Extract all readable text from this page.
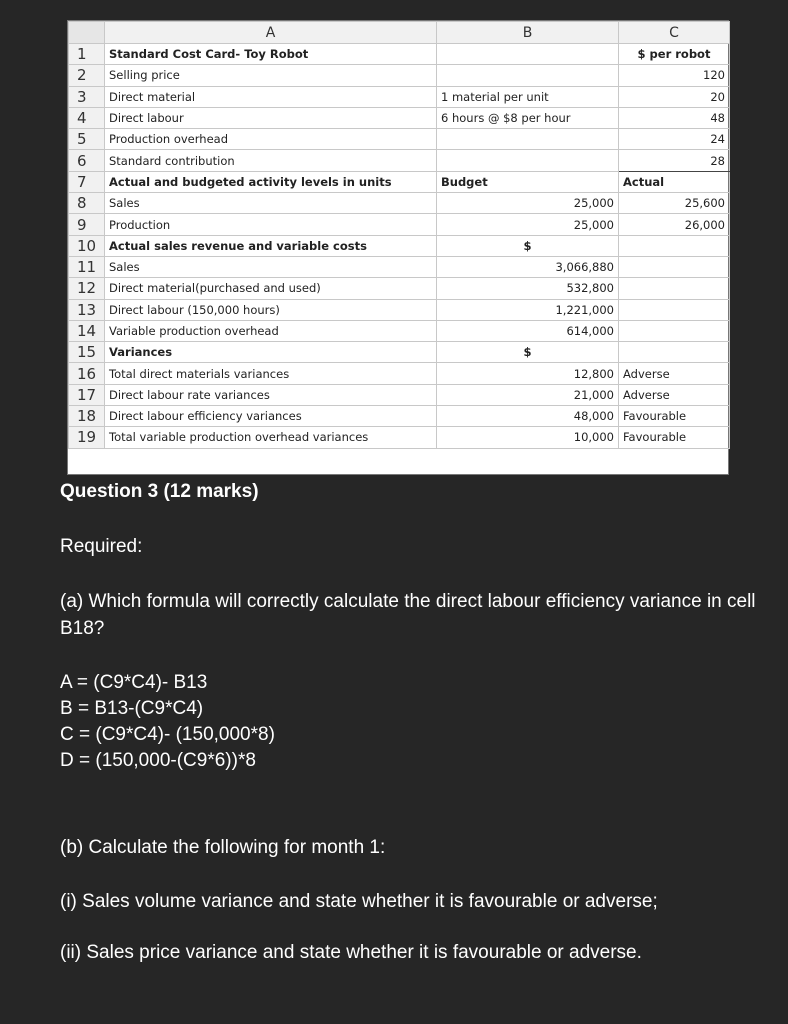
	A	B	C
1	Standard Cost Card- Toy Robot		$ per robot
2	Selling price		120
3	Direct material	1 material per unit	20
4	Direct labour	6 hours @ $8 per hour	48
5	Production overhead		24
6	Standard contribution		28
7	Actual and budgeted activity levels in units	Budget	Actual
8	Sales	25,000	25,600
9	Production	25,000	26,000
10	Actual sales revenue and variable costs	$	
11	Sales	3,066,880	
12	Direct material(purchased and used)	532,800	
13	Direct labour (150,000 hours)	1,221,000	
14	Variable production overhead	614,000	
15	Variances	$	
16	Total direct materials variances	12,800	Adverse
17	Direct labour rate variances	21,000	Adverse
18	Direct labour efficiency variances	48,000	Favourable
19	Total variable production overhead variances	10,000	Favourable
Question 3 (12 marks)

Required:

(a) Which formula will correctly calculate the direct labour efficiency variance in cell B18?

A = (C9*C4)- B13
B = B13-(C9*C4)
C = (C9*C4)- (150,000*8)
D = (150,000-(C9*6))*8

(b) Calculate the following for month 1:

(i) Sales volume variance and state whether it is favourable or adverse;

(ii) Sales price variance and state whether it is favourable or adverse.
